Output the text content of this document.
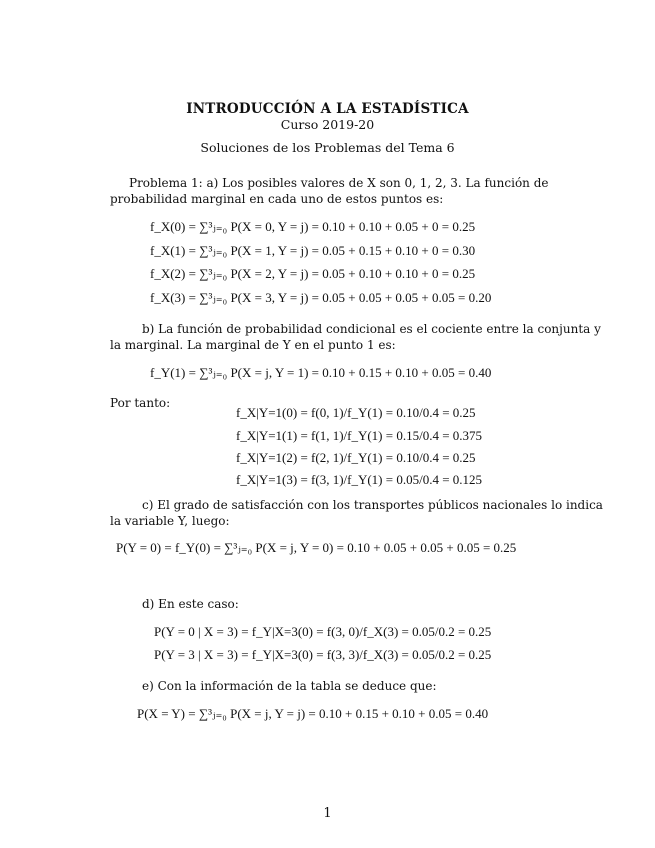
INTRODUCCIÓN A LA ESTADÍSTICA
Curso 2019-20
Soluciones de los Problemas del Tema 6
Problema 1: a) Los posibles valores de X son 0, 1, 2, 3. La función de
probabilidad marginal en cada uno de estos puntos es:
f_X(0) = ∑³ⱼ₌₀ P(X = 0, Y = j) = 0.10 + 0.10 + 0.05 + 0 = 0.25
f_X(1) = ∑³ⱼ₌₀ P(X = 1, Y = j) = 0.05 + 0.15 + 0.10 + 0 = 0.30
f_X(2) = ∑³ⱼ₌₀ P(X = 2, Y = j) = 0.05 + 0.10 + 0.10 + 0 = 0.25
f_X(3) = ∑³ⱼ₌₀ P(X = 3, Y = j) = 0.05 + 0.05 + 0.05 + 0.05 = 0.20
b) La función de probabilidad condicional es el cociente entre la conjunta y
la marginal. La marginal de Y en el punto 1 es:
f_Y(1) = ∑³ⱼ₌₀ P(X = j, Y = 1) = 0.10 + 0.15 + 0.10 + 0.05 = 0.40
Por tanto:
f_X|Y=1(0) = f(0, 1)/f_Y(1) = 0.10/0.4 = 0.25
f_X|Y=1(1) = f(1, 1)/f_Y(1) = 0.15/0.4 = 0.375
f_X|Y=1(2) = f(2, 1)/f_Y(1) = 0.10/0.4 = 0.25
f_X|Y=1(3) = f(3, 1)/f_Y(1) = 0.05/0.4 = 0.125
c) El grado de satisfacción con los transportes públicos nacionales lo indica
la variable Y, luego:
P(Y = 0) = f_Y(0) = ∑³ⱼ₌₀ P(X = j, Y = 0) = 0.10 + 0.05 + 0.05 + 0.05 = 0.25
d) En este caso:
P(Y = 0 | X = 3) = f_Y|X=3(0) = f(3, 0)/f_X(3) = 0.05/0.2 = 0.25
P(Y = 3 | X = 3) = f_Y|X=3(0) = f(3, 3)/f_X(3) = 0.05/0.2 = 0.25
e) Con la información de la tabla se deduce que:
P(X = Y) = ∑³ⱼ₌₀ P(X = j, Y = j) = 0.10 + 0.15 + 0.10 + 0.05 = 0.40
1
